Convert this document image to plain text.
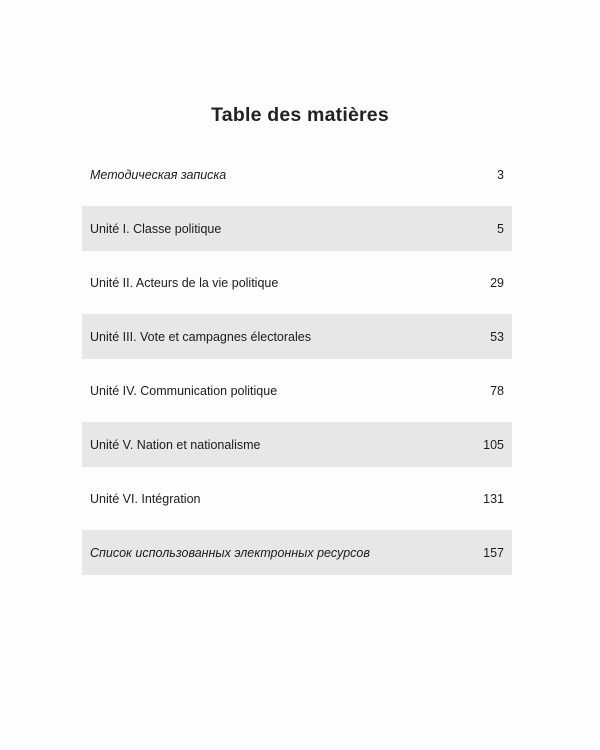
Table des matières
Методическая записка	3
Unité I. Classe politique	5
Unité II. Acteurs de la vie politique	29
Unité III. Vote et campagnes électorales	53
Unité IV. Communication politique	78
Unité V. Nation et nationalisme	105
Unité VI. Intégration	131
Список использованных электронных ресурсов	157
